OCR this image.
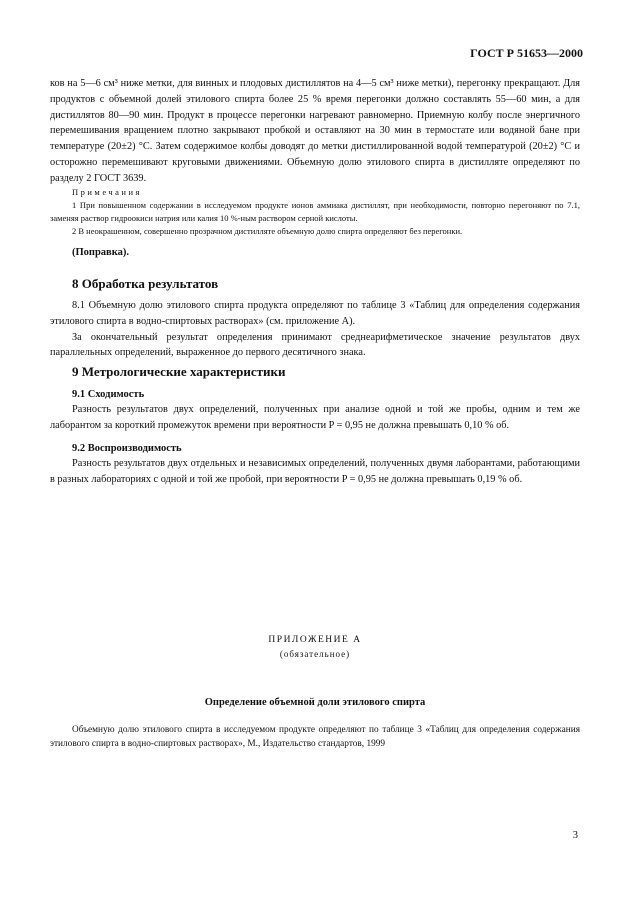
ГОСТ Р 51653—2000

ков на 5—6 см³ ниже метки, для винных и плодовых дистиллятов на 4—5 см³ ниже метки), перегонку прекращают. Для продуктов с объемной долей этилового спирта более 25 % время перегонки должно составлять 55—60 мин, а для дистиллятов 80—90 мин. Продукт в процессе перегонки нагревают равномерно. Приемную колбу после энергичного перемешивания вращением плотно закрывают пробкой и оставляют на 30 мин в термостате или водяной бане при температуре (20±2) °С. Затем содержимое колбы доводят до метки дистиллированной водой температурой (20±2) °С и осторожно перемешивают круговыми движениями. Объемную долю этилового спирта в дистилляте определяют по разделу 2 ГОСТ 3639.

Примечания

1 При повышенном содержании в исследуемом продукте ионов аммиака дистиллят, при необходимости, повторно перегоняют по 7.1, заменяя раствор гидроокиси натрия или калия 10 %-ным раствором серной кислоты.

2 В неокрашенном, совершенно прозрачном дистилляте объемную долю спирта определяют без перегонки.

(Поправка).
8 Обработка результатов

8.1 Объемную долю этилового спирта продукта определяют по таблице 3 «Таблиц для определения содержания этилового спирта в водно-спиртовых растворах» (см. приложение А).

За окончательный результат определения принимают среднеарифметическое значение результатов двух параллельных определений, выраженное до первого десятичного знака.

9 Метрологические характеристики
9.1 Сходимость

Разность результатов двух определений, полученных при анализе одной и той же пробы, одним и тем же лаборантом за короткий промежуток времени при вероятности P = 0,95 не должна превышать 0,10 % об.

9.2 Воспроизводимость

Разность результатов двух отдельных и независимых определений, полученных двумя лаборантами, работающими в разных лабораториях с одной и той же пробой, при вероятности P = 0,95 не должна превышать 0,19 % об.

ПРИЛОЖЕНИЕ А
(обязательное)
Определение объемной доли этилового спирта

Объемную долю этилового спирта в исследуемом продукте определяют по таблице 3 «Таблиц для определения содержания этилового спирта в водно-спиртовых растворах», М., Издательство стандартов, 1999

3
